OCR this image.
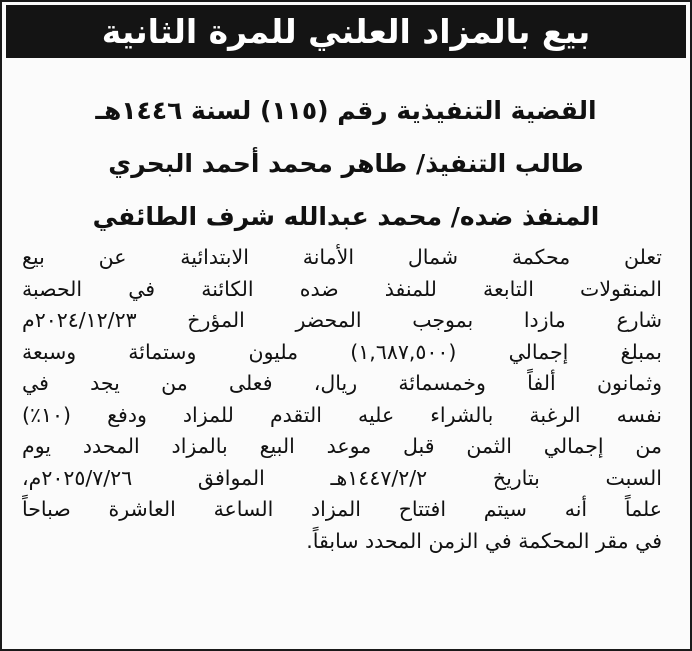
بيع بالمزاد العلني للمرة الثانية
القضية التنفيذية رقم (١١٥) لسنة ١٤٤٦هـ
طالب التنفيذ/ طاهر محمد أحمد البحري
المنفذ ضده/ محمد عبدالله شرف الطائفي
تعلن محكمة شمال الأمانة الابتدائية عن بيع
المنقولات التابعة للمنفذ ضده الكائنة في الحصبة
شارع مازدا بموجب المحضر المؤرخ ٢٠٢٤/١٢/٢٣م
بمبلغ إجمالي (١,٦٨٧,٥٠٠) مليون وستمائة وسبعة
وثمانون ألفاً وخمسمائة ريال، فعلى من يجد في
نفسه الرغبة بالشراء عليه التقدم للمزاد ودفع (١٠٪)
من إجمالي الثمن قبل موعد البيع بالمزاد المحدد يوم
السبت بتاريخ ١٤٤٧/٢/٢هـ الموافق ٢٠٢٥/٧/٢٦م،
علماً أنه سيتم افتتاح المزاد الساعة العاشرة صباحاً
في مقر المحكمة في الزمن المحدد سابقاً.
